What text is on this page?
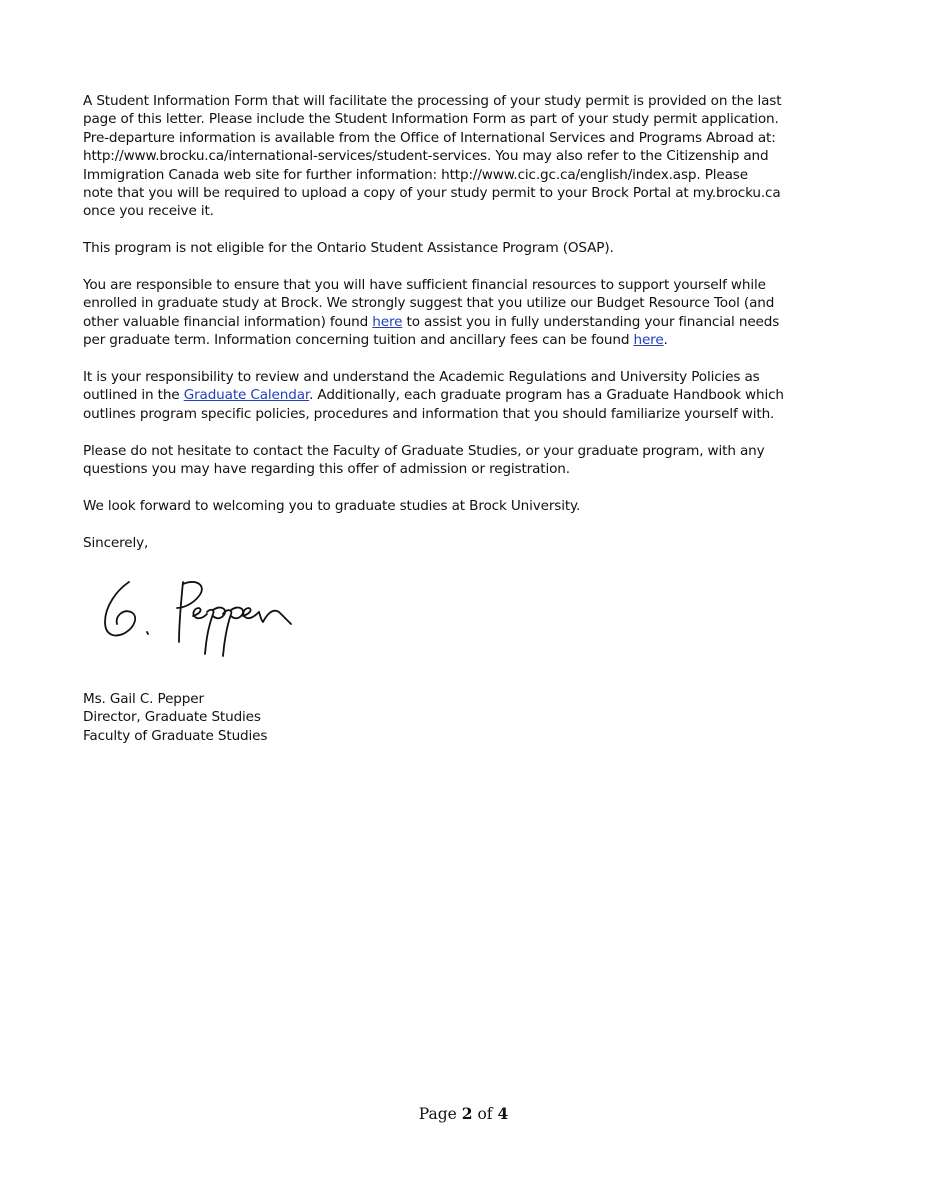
A Student Information Form that will facilitate the processing of your study permit is provided on the last
page of this letter. Please include the Student Information Form as part of your study permit application.
Pre-departure information is available from the Office of International Services and Programs Abroad at:
http://www.brocku.ca/international-services/student-services. You may also refer to the Citizenship and
Immigration Canada web site for further information: http://www.cic.gc.ca/english/index.asp. Please
note that you will be required to upload a copy of your study permit to your Brock Portal at my.brocku.ca
once you receive it.

This program is not eligible for the Ontario Student Assistance Program (OSAP).

You are responsible to ensure that you will have sufficient financial resources to support yourself while
enrolled in graduate study at Brock. We strongly suggest that you utilize our Budget Resource Tool (and
other valuable financial information) found here to assist you in fully understanding your financial needs
per graduate term. Information concerning tuition and ancillary fees can be found here.

It is your responsibility to review and understand the Academic Regulations and University Policies as
outlined in the Graduate Calendar. Additionally, each graduate program has a Graduate Handbook which
outlines program specific policies, procedures and information that you should familiarize yourself with.

Please do not hesitate to contact the Faculty of Graduate Studies, or your graduate program, with any
questions you may have regarding this offer of admission or registration.

We look forward to welcoming you to graduate studies at Brock University.

Sincerely,
Ms. Gail C. Pepper
Director, Graduate Studies
Faculty of Graduate Studies
Page 2 of 4
